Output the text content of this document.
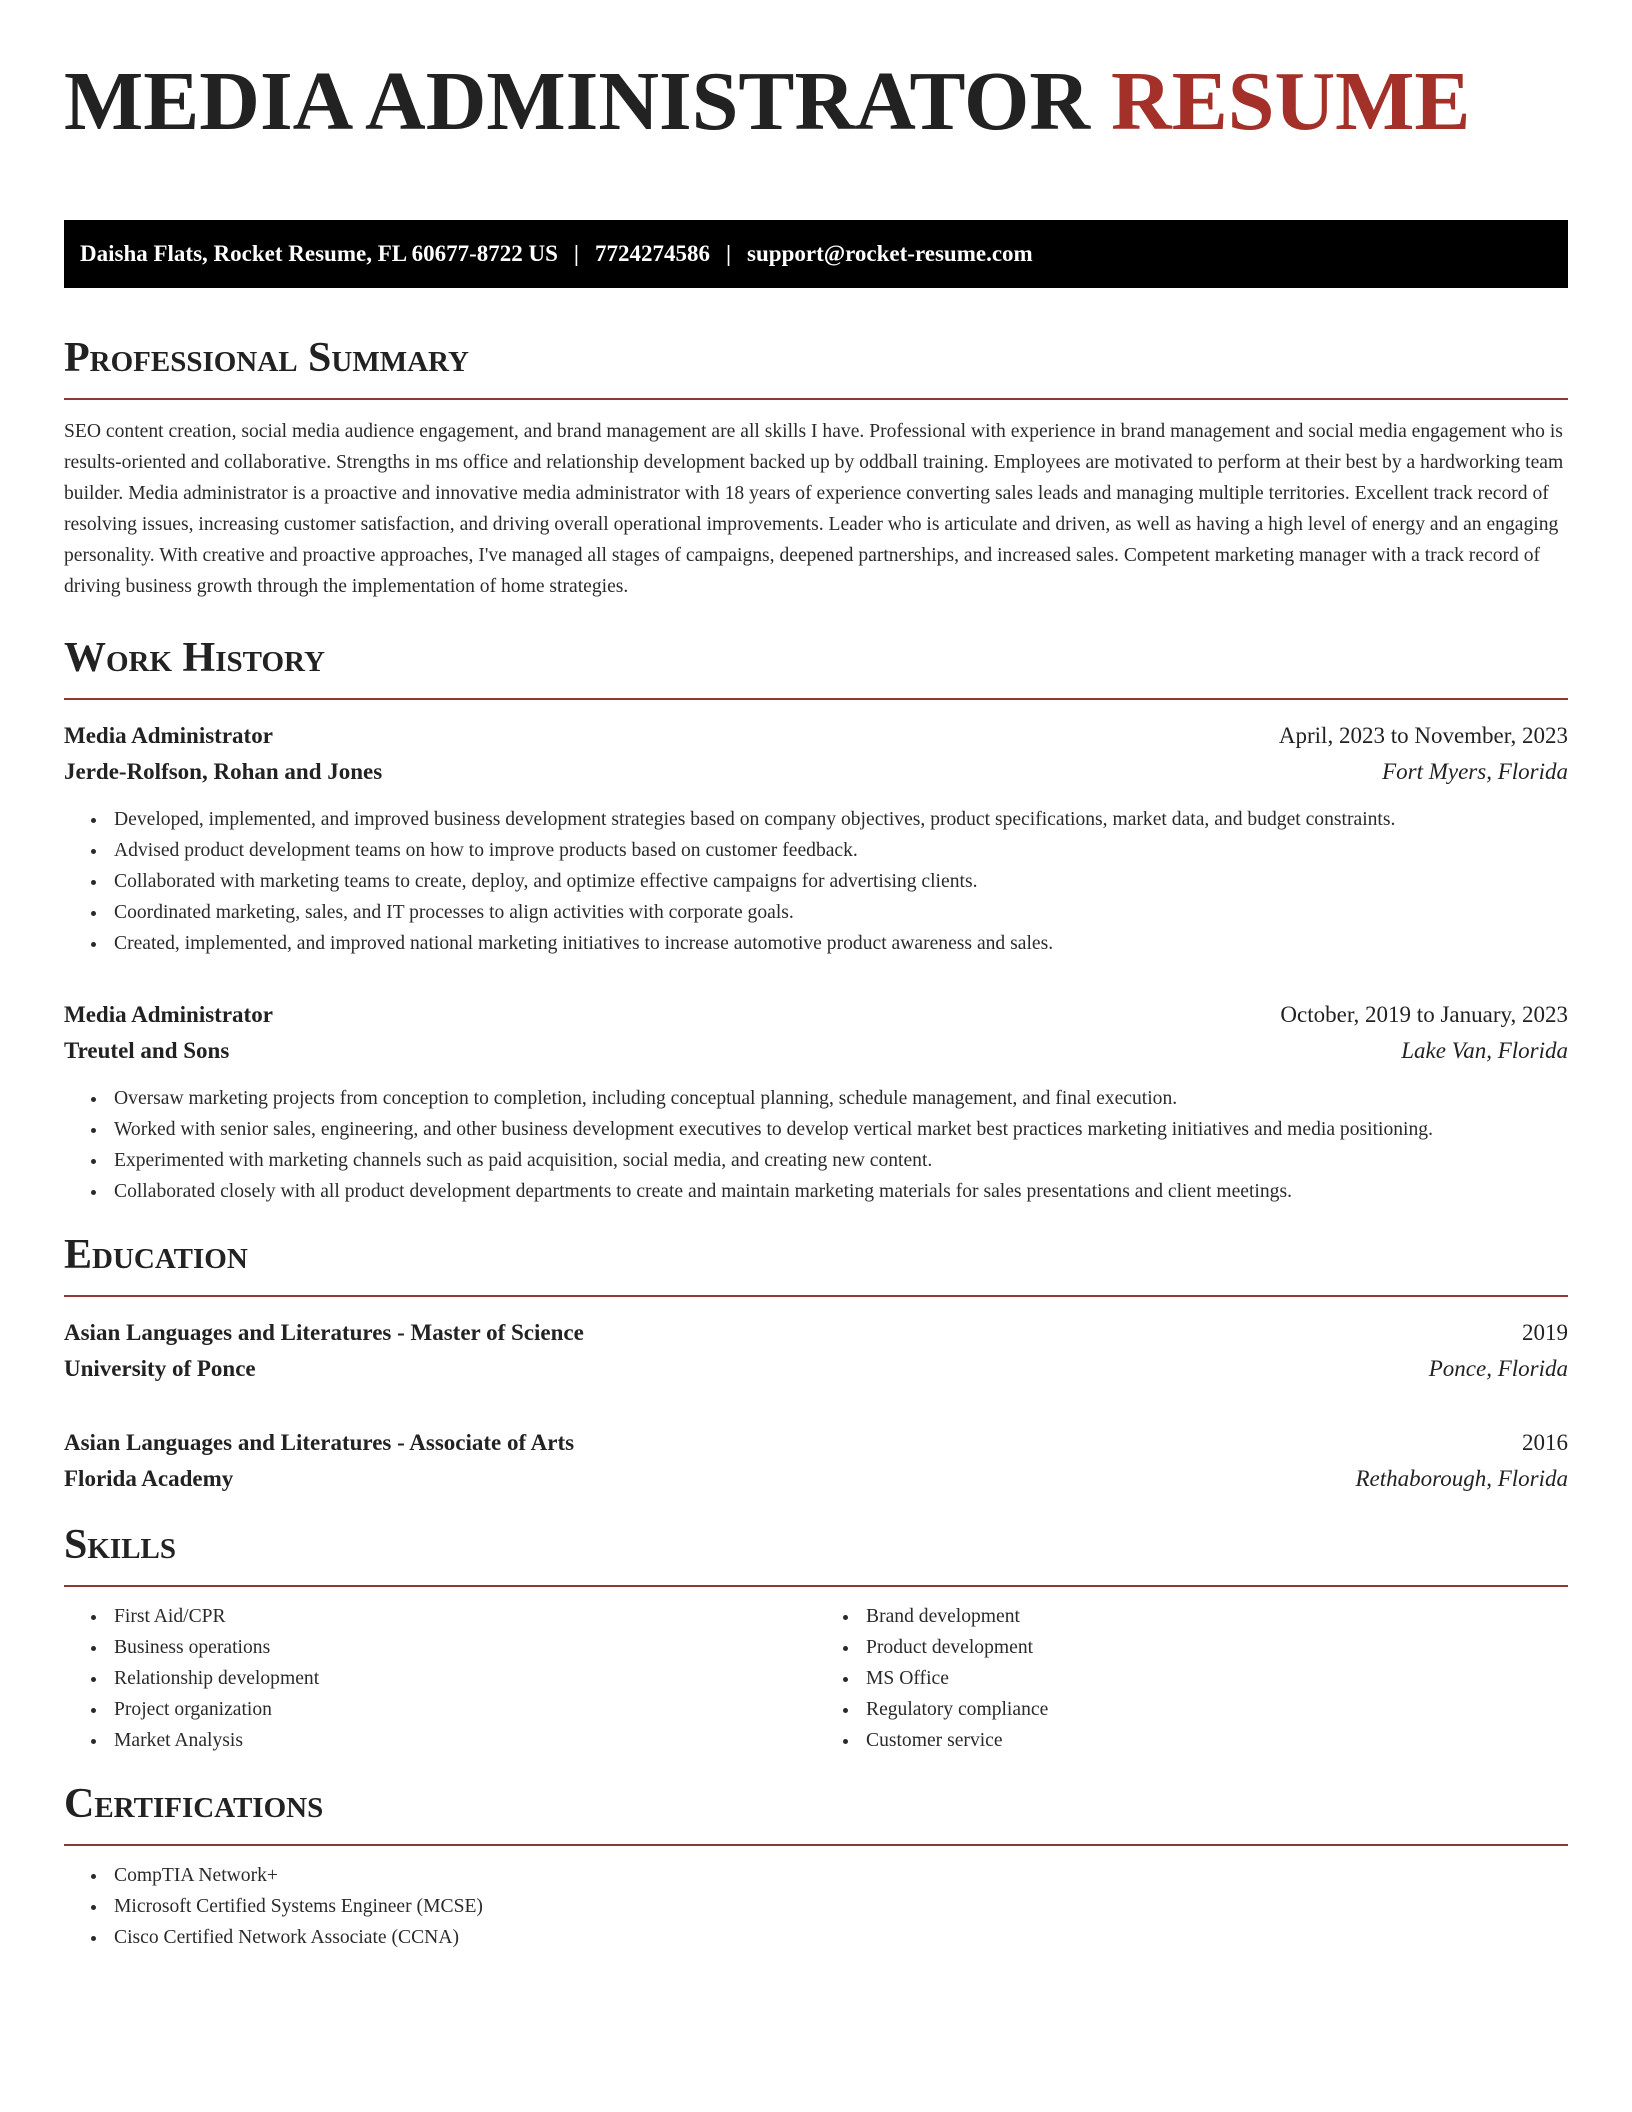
MEDIA ADMINISTRATOR RESUME
Daisha Flats, Rocket Resume, FL 60677-8722 US | 7724274586 | support@rocket-resume.com
Professional Summary

SEO content creation, social media audience engagement, and brand management are all skills I have. Professional with experience in brand management and social media engagement who is results-oriented and collaborative. Strengths in ms office and relationship development backed up by oddball training. Employees are motivated to perform at their best by a hardworking team builder. Media administrator is a proactive and innovative media administrator with 18 years of experience converting sales leads and managing multiple territories. Excellent track record of resolving issues, increasing customer satisfaction, and driving overall operational improvements. Leader who is articulate and driven, as well as having a high level of energy and an engaging personality. With creative and proactive approaches, I've managed all stages of campaigns, deepened partnerships, and increased sales. Competent marketing manager with a track record of driving business growth through the implementation of home strategies.

Work History
Media Administrator	April, 2023 to November, 2023
Jerde-Rolfson, Rohan and Jones	Fort Myers, Florida
• Developed, implemented, and improved business development strategies based on company objectives, product specifications, market data, and budget constraints.
• Advised product development teams on how to improve products based on customer feedback.
• Collaborated with marketing teams to create, deploy, and optimize effective campaigns for advertising clients.
• Coordinated marketing, sales, and IT processes to align activities with corporate goals.
• Created, implemented, and improved national marketing initiatives to increase automotive product awareness and sales.
Media Administrator	October, 2019 to January, 2023
Treutel and Sons	Lake Van, Florida
• Oversaw marketing projects from conception to completion, including conceptual planning, schedule management, and final execution.
• Worked with senior sales, engineering, and other business development executives to develop vertical market best practices marketing initiatives and media positioning.
• Experimented with marketing channels such as paid acquisition, social media, and creating new content.
• Collaborated closely with all product development departments to create and maintain marketing materials for sales presentations and client meetings.
Education
Asian Languages and Literatures - Master of Science	2019
University of Ponce	Ponce, Florida
Asian Languages and Literatures - Associate of Arts	2016
Florida Academy	Rethaborough, Florida
Skills
• First Aid/CPR
• Business operations
• Relationship development
• Project organization
• Market Analysis
• Brand development
• Product development
• MS Office
• Regulatory compliance
• Customer service
Certifications
• CompTIA Network+
• Microsoft Certified Systems Engineer (MCSE)
• Cisco Certified Network Associate (CCNA)
